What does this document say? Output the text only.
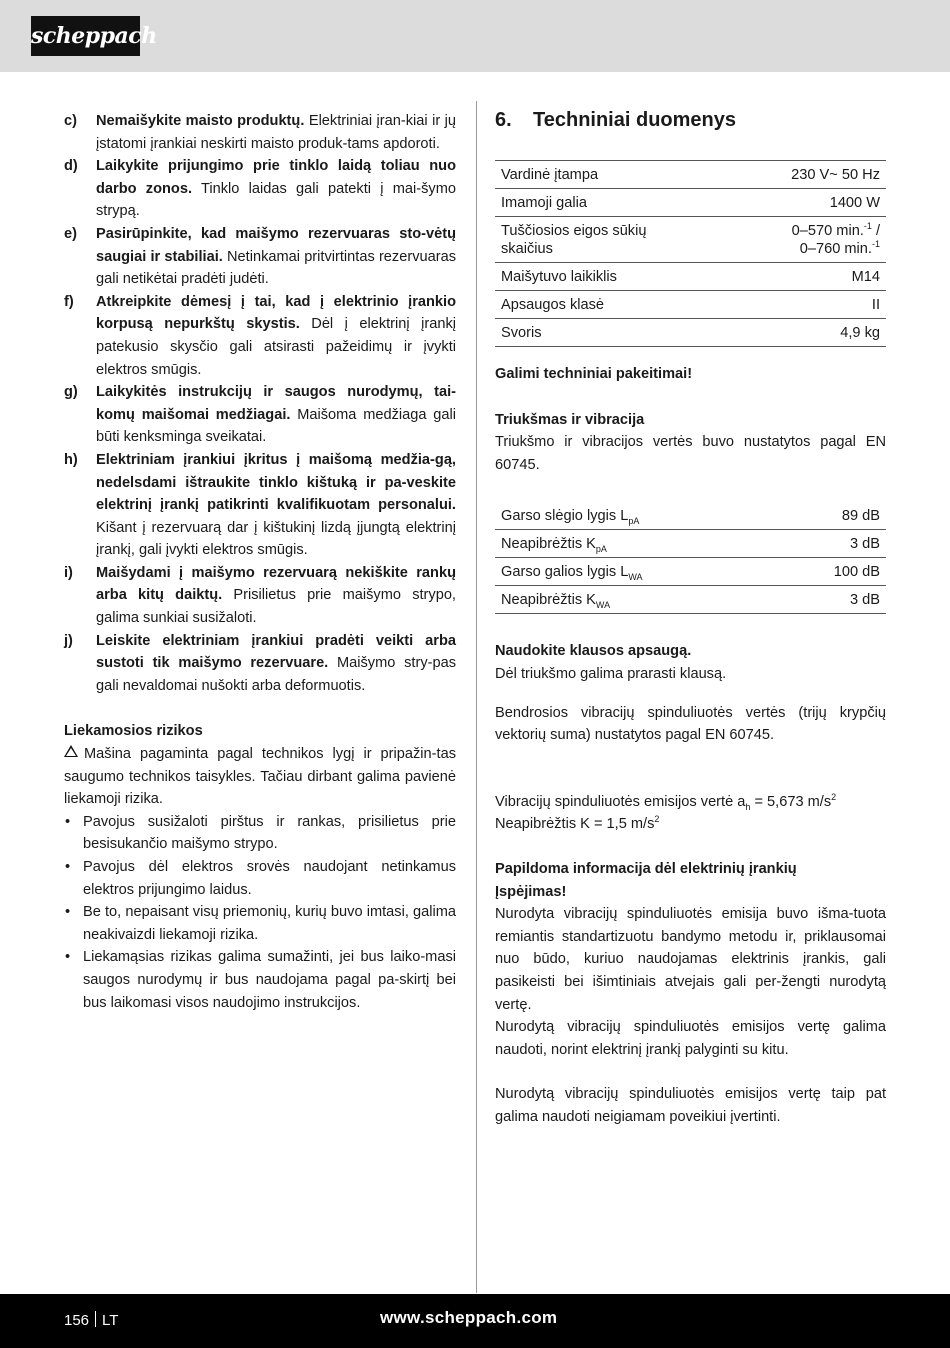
scheppach
c) Nemaišykite maisto produktų. Elektriniai įran-kiai ir jų įstatomi įrankiai neskirti maisto produk-tams apdoroti.
d) Laikykite prijungimo prie tinklo laidą toliau nuo darbo zonos. Tinklo laidas gali patekti į mai-šymo strypą.
e) Pasirūpinkite, kad maišymo rezervuaras sto-vėtų saugiai ir stabiliai. Netinkamai pritvirtintas rezervuaras gali netikėtai pradėti judėti.
f) Atkreipkite dėmesį į tai, kad į elektrinio įrankio korpusą nepurkštų skystis. Dėl į elektrinį įrankį patekusio skysčio gali atsirasti pažeidimų ir įvykti elektros smūgis.
g) Laikykitės instrukcijų ir saugos nurodymų, tai-komų maišomai medžiagai. Maišoma medžiaga gali būti kenksminga sveikatai.
h) Elektriniam įrankiui įkritus į maišomą medžia-gą, nedelsdami ištraukite tinklo kištuką ir pa-veskite elektrinį įrankį patikrinti kvalifikuotam personalui. Kišant į rezervuarą dar į kištukinį lizdą įjungtą elektrinį įrankį, gali įvykti elektros smūgis.
i) Maišydami į maišymo rezervuarą nekiškite rankų arba kitų daiktų. Prisilietus prie maišymo strypo, galima sunkiai susižaloti.
j) Leiskite elektriniam įrankiui pradėti veikti arba sustoti tik maišymo rezervuare. Maišymo stry-pas gali nevaldomai nušokti arba deformuotis.
Liekamosios rizikos
Mašina pagaminta pagal technikos lygį ir pripažin-tas saugumo technikos taisykles. Tačiau dirbant galima pavienė liekamoji rizika.
• Pavojus susižaloti pirštus ir rankas, prisilietus prie besisukančio maišymo strypo.
• Pavojus dėl elektros srovės naudojant netinkamus elektros prijungimo laidus.
• Be to, nepaisant visų priemonių, kurių buvo imtasi, galima neakivaizdi liekamoji rizika.
• Liekamąsias rizikas galima sumažinti, jei bus laiko-masi saugos nurodymų ir bus naudojama pagal pa-skirtį bei bus laikomasi visos naudojimo instrukcijos.
6.	Techniniai duomenys
Vardinė įtampa	230 V~ 50 Hz
Imamoji galia	1400 W
Tuščiosios eigos sūkių skaičius	0–570 min.$^{-1}$ /
0–760 min.$^{-1}$
Maišytuvo laikiklis	M14
Apsaugos klasė	II
Svoris	4,9 kg
Galimi techniniai pakeitimai!
Triukšmas ir vibracija
Triukšmo ir vibracijos vertės buvo nustatytos pagal EN 60745.
Garso slėgio lygis $L_{pA}$	89 dB
Neapibrėžtis $K_{pA}$	3 dB
Garso galios lygis $L_{WA}$	100 dB
Neapibrėžtis $K_{WA}$	3 dB
Naudokite klausos apsaugą.
Dėl triukšmo galima prarasti klausą.
Bendrosios vibracijų spinduliuotės vertės (trijų krypčių vektorių suma) nustatytos pagal EN 60745.
Vibracijų spinduliuotės emisijos vertė $a_h = 5,673$ $m/s^2$
Neapibrėžtis K = 1,5 $m/s^2$
Papildoma informacija dėl elektrinių įrankių
Įspėjimas!
Nurodyta vibracijų spinduliuotės emisija buvo išma-tuota remiantis standartizuotu bandymo metodu ir, priklausomai nuo būdo, kuriuo naudojamas elektrinis įrankis, gali pasikeisti bei išimtiniais atvejais gali per-žengti nurodytą vertę.
Nurodytą vibracijų spinduliuotės emisijos vertę galima naudoti, norint elektrinį įrankį palyginti su kitu.
Nurodytą vibracijų spinduliuotės emisijos vertę taip pat galima naudoti neigiamam poveikiui įvertinti.
156 LT	www.scheppach.com
